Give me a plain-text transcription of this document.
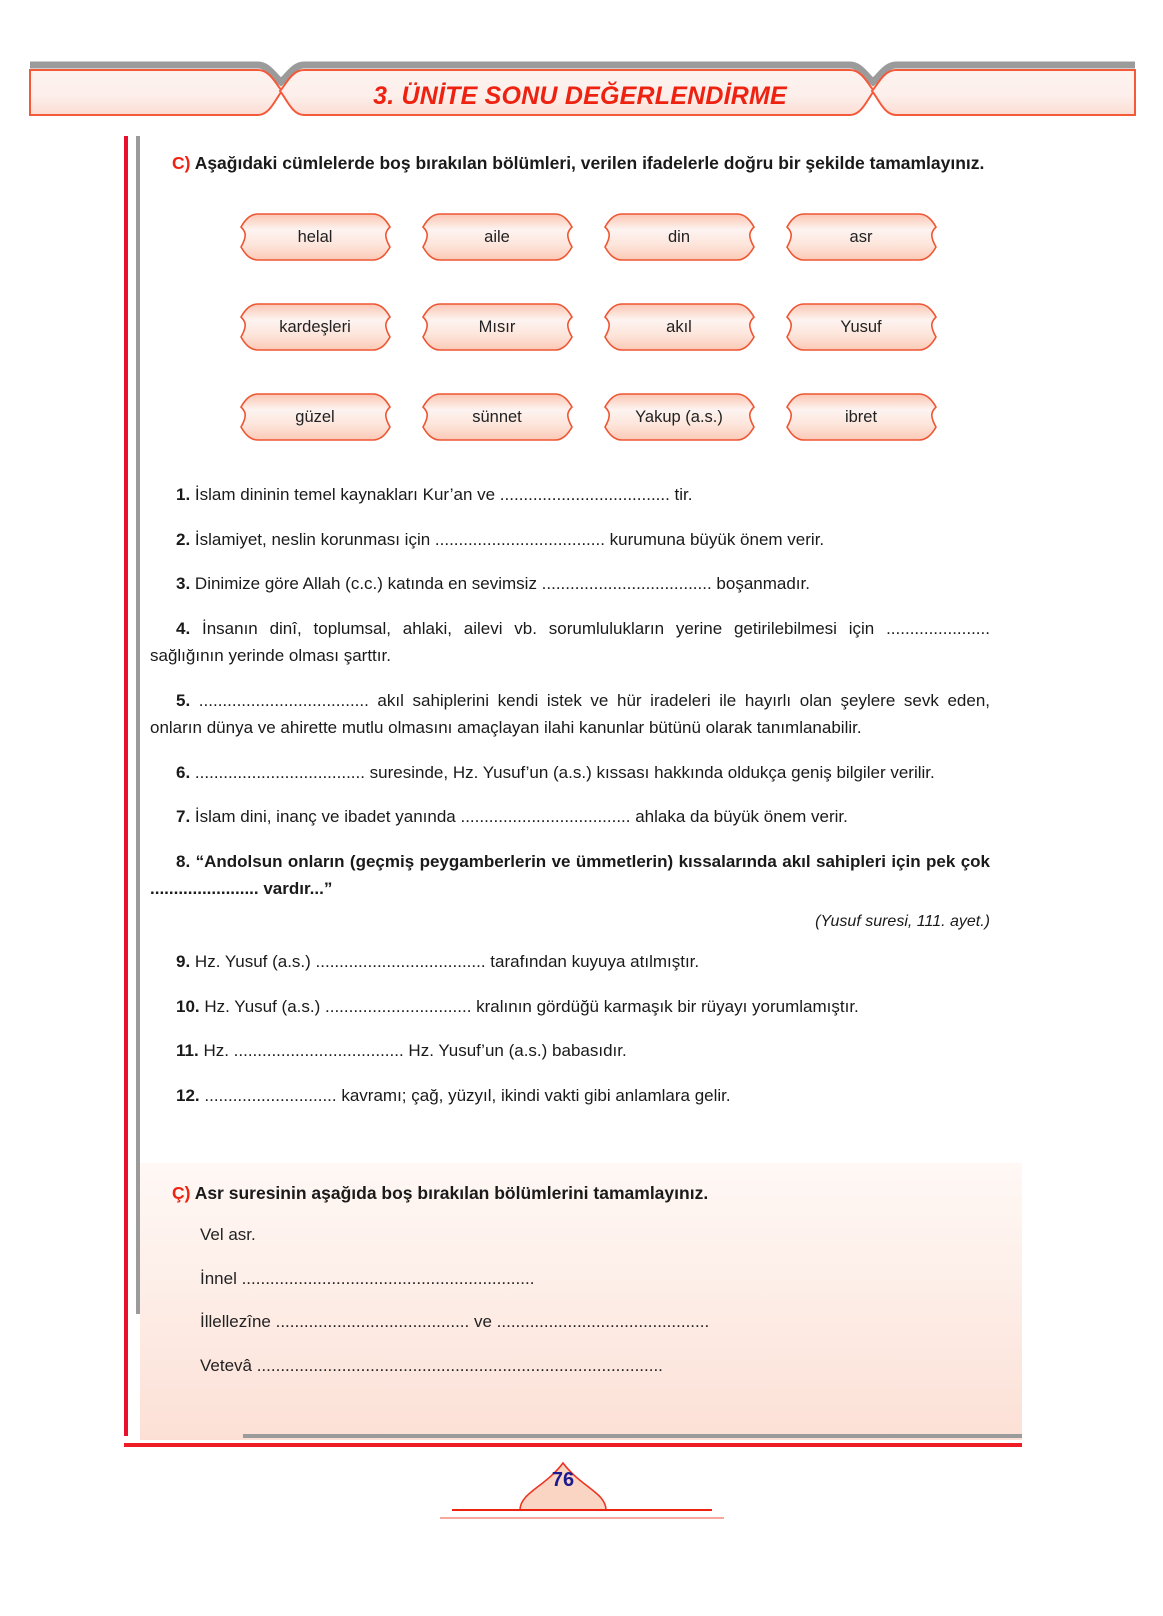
3. ÜNİTE SONU DEĞERLENDİRME

C) Aşağıdaki cümlelerde boş bırakılan bölümleri, verilen ifadelerle doğru bir şekilde tamamlayınız.

helal	aile	din	asr
kardeşleri	Mısır	akıl	Yusuf
güzel	sünnet	Yakup (a.s.)	ibret

1. İslam dininin temel kaynakları Kur’an ve .................................... tir.

2. İslamiyet, neslin korunması için .................................... kurumuna büyük önem verir.

3. Dinimize göre Allah (c.c.) katında en sevimsiz .................................... boşanmadır.

4. İnsanın dinî, toplumsal, ahlaki, ailevi vb. sorumlulukların yerine getirilebilmesi için ...................... sağlığının yerinde olması şarttır.

5. .................................... akıl sahiplerini kendi istek ve hür iradeleri ile hayırlı olan şeylere sevk eden, onların dünya ve ahirette mutlu olmasını amaçlayan ilahi kanunlar bütünü olarak tanımlanabilir.

6. .................................... suresinde, Hz. Yusuf’un (a.s.) kıssası hakkında oldukça geniş bilgiler verilir.

7. İslam dini, inanç ve ibadet yanında .................................... ahlaka da büyük önem verir.

8. “Andolsun onların (geçmiş peygamberlerin ve ümmetlerin) kıssalarında akıl sahipleri için pek çok ....................... vardır...”

(Yusuf suresi, 111. ayet.)

9. Hz. Yusuf (a.s.) .................................... tarafından kuyuya atılmıştır.

10. Hz. Yusuf (a.s.) ............................... kralının gördüğü karmaşık bir rüyayı yorumlamıştır.

11. Hz. .................................... Hz. Yusuf’un (a.s.) babasıdır.

12. ............................ kavramı; çağ, yüzyıl, ikindi vakti gibi anlamlara gelir.

Ç) Asr suresinin aşağıda boş bırakılan bölümlerini tamamlayınız.
Vel asr.
İnnel ..............................................................
İllellezîne ......................................... ve .............................................
Vetevâ ......................................................................................
76
